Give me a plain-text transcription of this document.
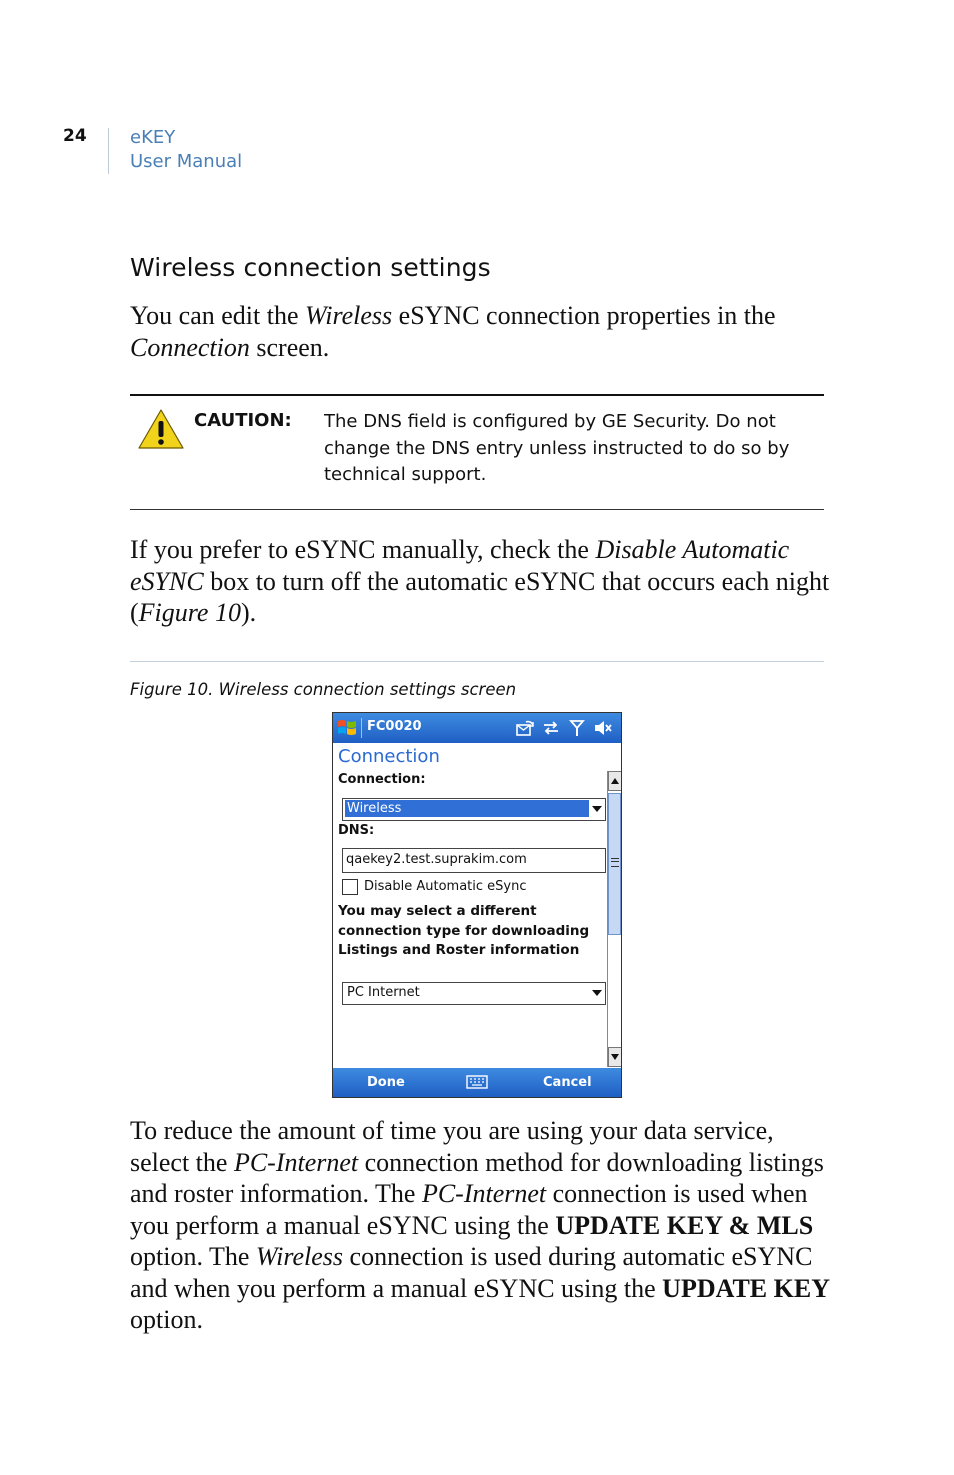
24 eKEY
User Manual
Wireless connection settings

You can edit the Wireless eSYNC connection properties in the Connection screen.

CAUTION: The DNS field is configured by GE Security. Do not change the DNS entry unless instructed to do so by technical support.

If you prefer to eSYNC manually, check the Disable Automatic eSYNC box to turn off the automatic eSYNC that occurs each night (Figure 10).

Figure 10. Wireless connection settings screen
FC0020
Connection
Connection:
Wireless
DNS:
qaekey2.test.suprakim.com
Disable Automatic eSync
You may select a different connection type for downloading Listings and Roster information
PC Internet
Done	Cancel

To reduce the amount of time you are using your data service, select the PC-Internet connection method for downloading listings and roster information. The PC-Internet connection is used when you perform a manual eSYNC using the UPDATE KEY & MLS option. The Wireless connection is used during automatic eSYNC and when you perform a manual eSYNC using the UPDATE KEY option.
